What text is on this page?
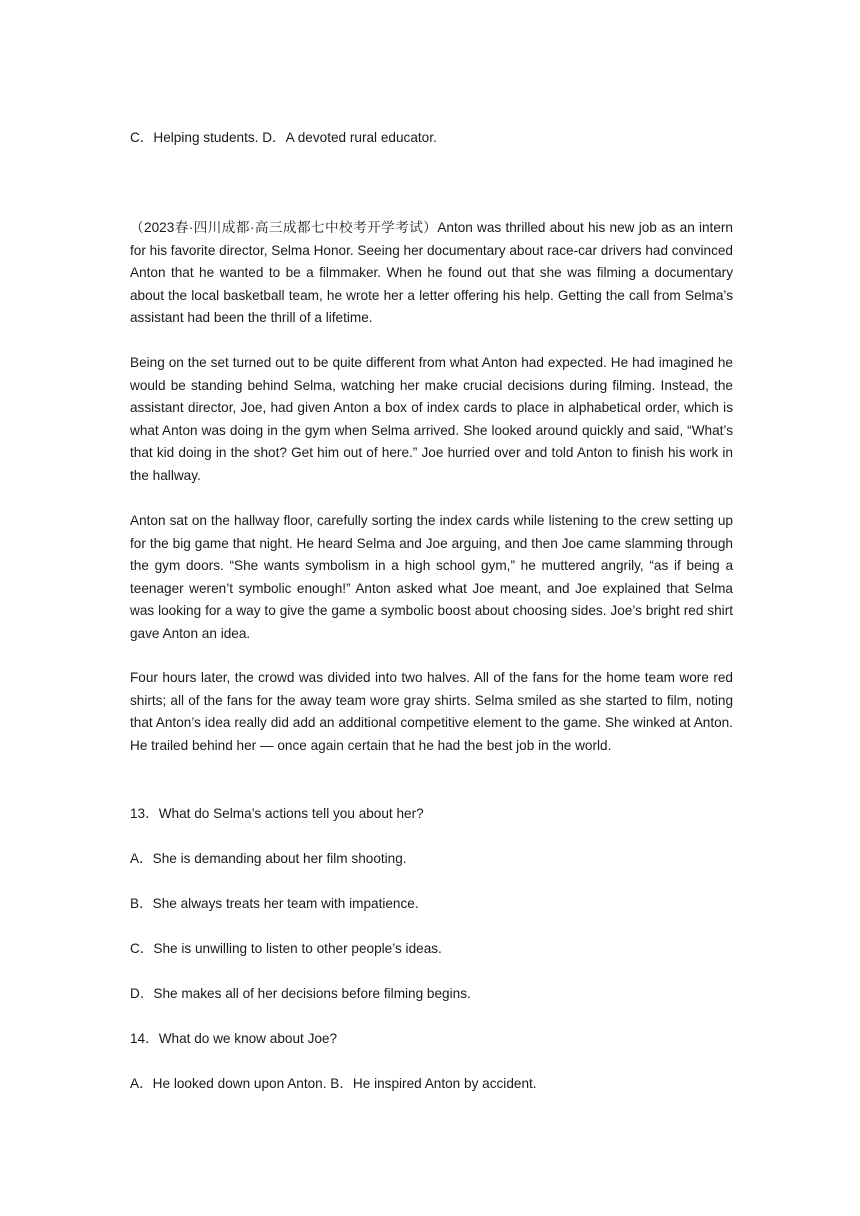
C．Helping students. D．A devoted rural educator.

（2023春·四川成都·高三成都七中校考开学考试）Anton was thrilled about his new job as an intern for his favorite director, Selma Honor. Seeing her documentary about race-car drivers had convinced Anton that he wanted to be a filmmaker. When he found out that she was filming a documentary about the local basketball team, he wrote her a letter offering his help. Getting the call from Selma’s assistant had been the thrill of a lifetime.

Being on the set turned out to be quite different from what Anton had expected. He had imagined he would be standing behind Selma, watching her make crucial decisions during filming. Instead, the assistant director, Joe, had given Anton a box of index cards to place in alphabetical order, which is what Anton was doing in the gym when Selma arrived. She looked around quickly and said, “What’s that kid doing in the shot? Get him out of here.” Joe hurried over and told Anton to finish his work in the hallway.

Anton sat on the hallway floor, carefully sorting the index cards while listening to the crew setting up for the big game that night. He heard Selma and Joe arguing, and then Joe came slamming through the gym doors. “She wants symbolism in a high school gym,” he muttered angrily, “as if being a teenager weren’t symbolic enough!” Anton asked what Joe meant, and Joe explained that Selma was looking for a way to give the game a symbolic boost about choosing sides. Joe’s bright red shirt gave Anton an idea.

Four hours later, the crowd was divided into two halves. All of the fans for the home team wore red shirts; all of the fans for the away team wore gray shirts. Selma smiled as she started to film, noting that Anton’s idea really did add an additional competitive element to the game. She winked at Anton. He trailed behind her — once again certain that he had the best job in the world.

13．What do Selma’s actions tell you about her?

A．She is demanding about her film shooting.

B．She always treats her team with impatience.

C．She is unwilling to listen to other people’s ideas.

D．She makes all of her decisions before filming begins.

14．What do we know about Joe?

A．He looked down upon Anton. B．He inspired Anton by accident.
